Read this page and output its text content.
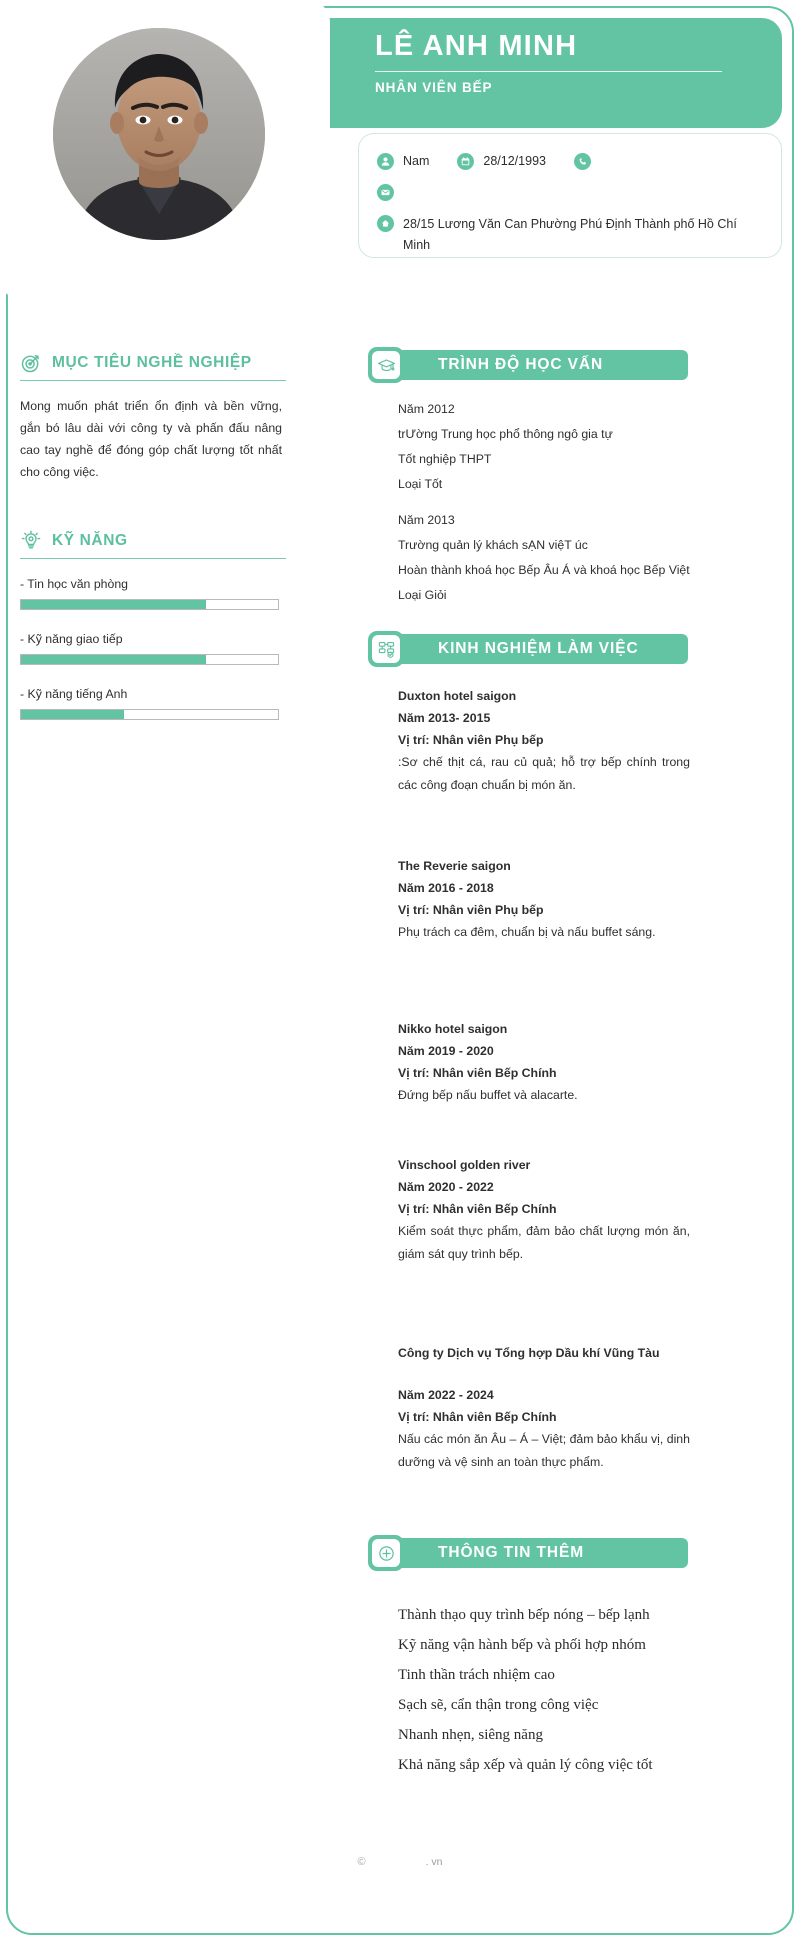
LÊ ANH MINH
NHÂN VIÊN BẾP
Nam	28/12/1993
28/15 Lương Văn Can Phường Phú Định Thành phố Hồ Chí Minh
MỤC TIÊU NGHỀ NGHIỆP
Mong muốn phát triển ổn định và bền vững, gắn bó lâu dài với công ty và phấn đấu nâng cao tay nghề để đóng góp chất lượng tốt nhất cho công việc.
KỸ NĂNG
- Tin học văn phòng
- Kỹ năng giao tiếp
- Kỹ năng tiếng Anh
TRÌNH ĐỘ HỌC VẤN
Năm 2012
trƯờng Trung học phổ thông ngô gia tự
Tốt nghiệp THPT
Loại Tốt
Năm 2013
Trường quản lý khách sẠN việT úc
Hoàn thành khoá học Bếp Âu Á và khoá học Bếp Việt
Loại Giỏi
KINH NGHIỆM LÀM VIỆC
Duxton hotel saigon
Năm 2013- 2015
Vị trí: Nhân viên Phụ bếp
:Sơ chế thịt cá, rau củ quả; hỗ trợ bếp chính trong các công đoạn chuẩn bị món ăn.
The Reverie saigon
Năm 2016 - 2018
Vị trí: Nhân viên Phụ bếp
Phụ trách ca đêm, chuẩn bị và nấu buffet sáng.
Nikko hotel saigon
Năm 2019 - 2020
Vị trí: Nhân viên Bếp Chính
Đứng bếp nấu buffet và alacarte.
Vinschool golden river
Năm 2020 - 2022
Vị trí: Nhân viên Bếp Chính
Kiểm soát thực phẩm, đảm bảo chất lượng món ăn, giám sát quy trình bếp.
Công ty Dịch vụ Tổng hợp Dầu khí Vũng Tàu
Năm 2022 - 2024
Vị trí: Nhân viên Bếp Chính
Nấu các món ăn Âu – Á – Việt; đảm bảo khẩu vị, dinh dưỡng và vệ sinh an toàn thực phẩm.
THÔNG TIN THÊM
Thành thạo quy trình bếp nóng – bếp lạnh
Kỹ năng vận hành bếp và phối hợp nhóm
Tinh thần trách nhiệm cao
Sạch sẽ, cẩn thận trong công việc
Nhanh nhẹn, siêng năng
Khả năng sắp xếp và quản lý công việc tốt
©	. vn
